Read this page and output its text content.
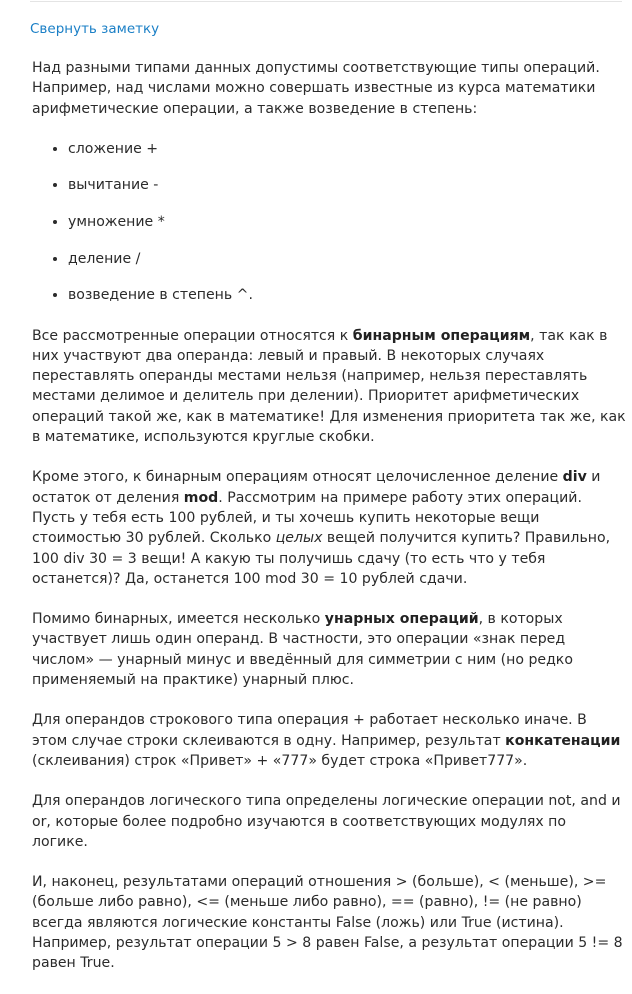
Свернуть заметку

Над разными типами данных допустимы соответствующие типы операций. Например, над числами можно совершать известные из курса математики арифметические операции, а также возведение в степень:

• сложение +
• вычитание -
• умножение *
• деление /
• возведение в степень ^.

Все рассмотренные операции относятся к бинарным операциям, так как в них участвуют два операнда: левый и правый. В некоторых случаях переставлять операнды местами нельзя (например, нельзя переставлять местами делимое и делитель при делении). Приоритет арифметических операций такой же, как в математике! Для изменения приоритета так же, как в математике, используются круглые скобки.

Кроме этого, к бинарным операциям относят целочисленное деление div и остаток от деления mod. Рассмотрим на примере работу этих операций. Пусть у тебя есть 100 рублей, и ты хочешь купить некоторые вещи стоимостью 30 рублей. Сколько целых вещей получится купить? Правильно, 100 div 30 = 3 вещи! А какую ты получишь сдачу (то есть что у тебя останется)? Да, останется 100 mod 30 = 10 рублей сдачи.

Помимо бинарных, имеется несколько унарных операций, в которых участвует лишь один операнд. В частности, это операции «знак перед числом» — унарный минус и введённый для симметрии с ним (но редко применяемый на практике) унарный плюс.

Для операндов строкового типа операция + работает несколько иначе. В этом случае строки склеиваются в одну. Например, результат конкатенации (склеивания) строк «Привет» + «777» будет строка «Привет777».

Для операндов логического типа определены логические операции not, and и or, которые более подробно изучаются в соответствующих модулях по логике.

И, наконец, результатами операций отношения > (больше), < (меньше), >= (больше либо равно), <= (меньше либо равно), == (равно), != (не равно) всегда являются логические константы False (ложь) или True (истина). Например, результат операции 5 > 8 равен False, а результат операции 5 != 8 равен True.
